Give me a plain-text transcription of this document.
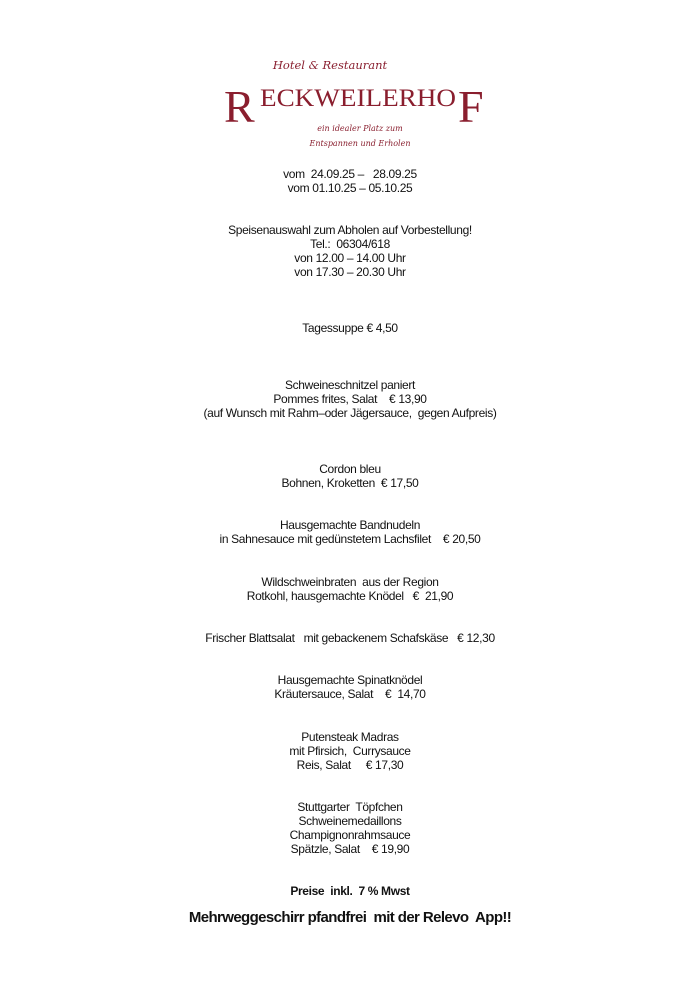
Hotel & Restaurant
R ECKWEILERHO F
ein idealer Platz zum
Entspannen und Erholen
vom  24.09.25 –   28.09.25
vom 01.10.25 – 05.10.25
Speisenauswahl zum Abholen auf Vorbestellung!
Tel.:  06304/618
von 12.00 – 14.00 Uhr
von 17.30 – 20.30 Uhr
Tagessuppe € 4,50
Schweineschnitzel paniert
Pommes frites, Salat    € 13,90
(auf Wunsch mit Rahm–oder Jägersauce,  gegen Aufpreis)
Cordon bleu
Bohnen, Kroketten  € 17,50
Hausgemachte Bandnudeln
in Sahnesauce mit gedünstetem Lachsfilet    € 20,50
Wildschweinbraten  aus der Region
Rotkohl, hausgemachte Knödel   €  21,90
Frischer Blattsalat   mit gebackenem Schafskäse   € 12,30
Hausgemachte Spinatknödel
Kräutersauce, Salat    €  14,70
Putensteak Madras
mit Pfirsich,  Currysauce
Reis, Salat     € 17,30
Stuttgarter  Töpfchen
Schweinemedaillons
Champignonrahmsauce
Spätzle, Salat    € 19,90
Preise  inkl.  7 % Mwst
Mehrweggeschirr pfandfrei  mit der Relevo  App!!
